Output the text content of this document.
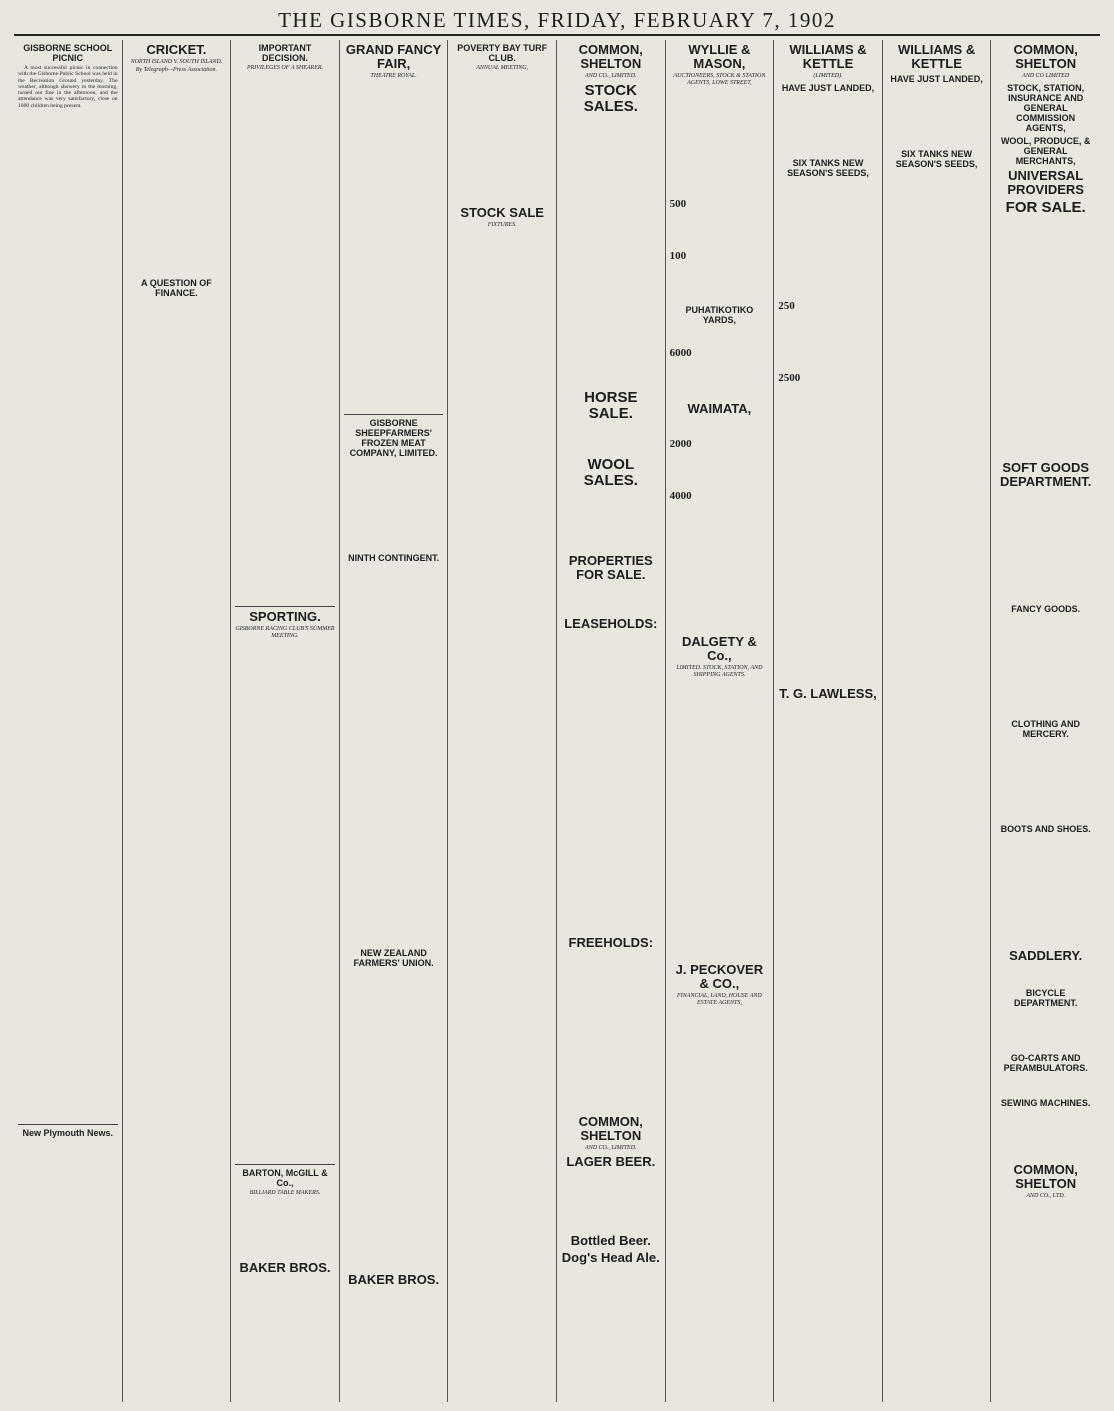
THE GISBORNE TIMES, FRIDAY, FEBRUARY 7, 1902
GISBORNE SCHOOL PICNIC

A most successful picnic in connection with the Gisborne Public School was held in the Recreation Ground yesterday. The weather, although showery in the morning, turned out fine in the afternoon, and the attendance was very satisfactory, close on 1000 children being present.

New Plymouth News.
CRICKET.
NORTH ISLAND V. SOUTH ISLAND.
By Telegraph—Press Association.
A QUESTION OF FINANCE.
IMPORTANT DECISION.
PRIVILEGES OF A SHEARER.
SPORTING.
GISBORNE RACING CLUB'S SUMMER MEETING.
BARTON, McGILL & Co.,
BILLIARD TABLE MAKERS.
BAKER BROS.
GRAND FANCY FAIR,
THEATRE ROYAL.
GISBORNE SHEEPFARMERS' FROZEN MEAT COMPANY, LIMITED.
NINTH CONTINGENT.
NEW ZEALAND FARMERS' UNION.
BAKER BROS.
POVERTY BAY TURF CLUB.
ANNUAL MEETING,
STOCK SALE
FIXTURES.
COMMON, SHELTON
AND CO., LIMITED.
STOCK SALES.
HORSE SALE.
WOOL SALES.
PROPERTIES FOR SALE.
LEASEHOLDS:
FREEHOLDS:
COMMON, SHELTON
AND CO., LIMITED.
LAGER BEER.
Bottled Beer.
Dog's Head Ale.
WYLLIE & MASON,
AUCTIONEERS, STOCK & STATION AGENTS, LOWE STREET,
500
100
PUHATIKOTIKO YARDS,
6000
WAIMATA,
2000
4000
DALGETY & Co.,
LIMITED. STOCK, STATION, AND SHIPPING AGENTS.
J. PECKOVER & CO.,
FINANCIAL, LAND, HOUSE AND ESTATE AGENTS,
WILLIAMS & KETTLE
(LIMITED).
HAVE JUST LANDED,
SIX TANKS NEW SEASON'S SEEDS,
250
2500
T. G. LAWLESS,
WILLIAMS & KETTLE
HAVE JUST LANDED,
SIX TANKS NEW SEASON'S SEEDS,
COMMON, SHELTON
AND CO LIMITED
STOCK, STATION, INSURANCE AND GENERAL COMMISSION AGENTS,
WOOL, PRODUCE, & GENERAL MERCHANTS,
UNIVERSAL PROVIDERS
FOR SALE.
SOFT GOODS DEPARTMENT.
FANCY GOODS.
CLOTHING AND MERCERY.
BOOTS AND SHOES.
SADDLERY.
BICYCLE DEPARTMENT.
GO-CARTS AND PERAMBULATORS.
SEWING MACHINES.
COMMON, SHELTON
AND CO., LTD.
